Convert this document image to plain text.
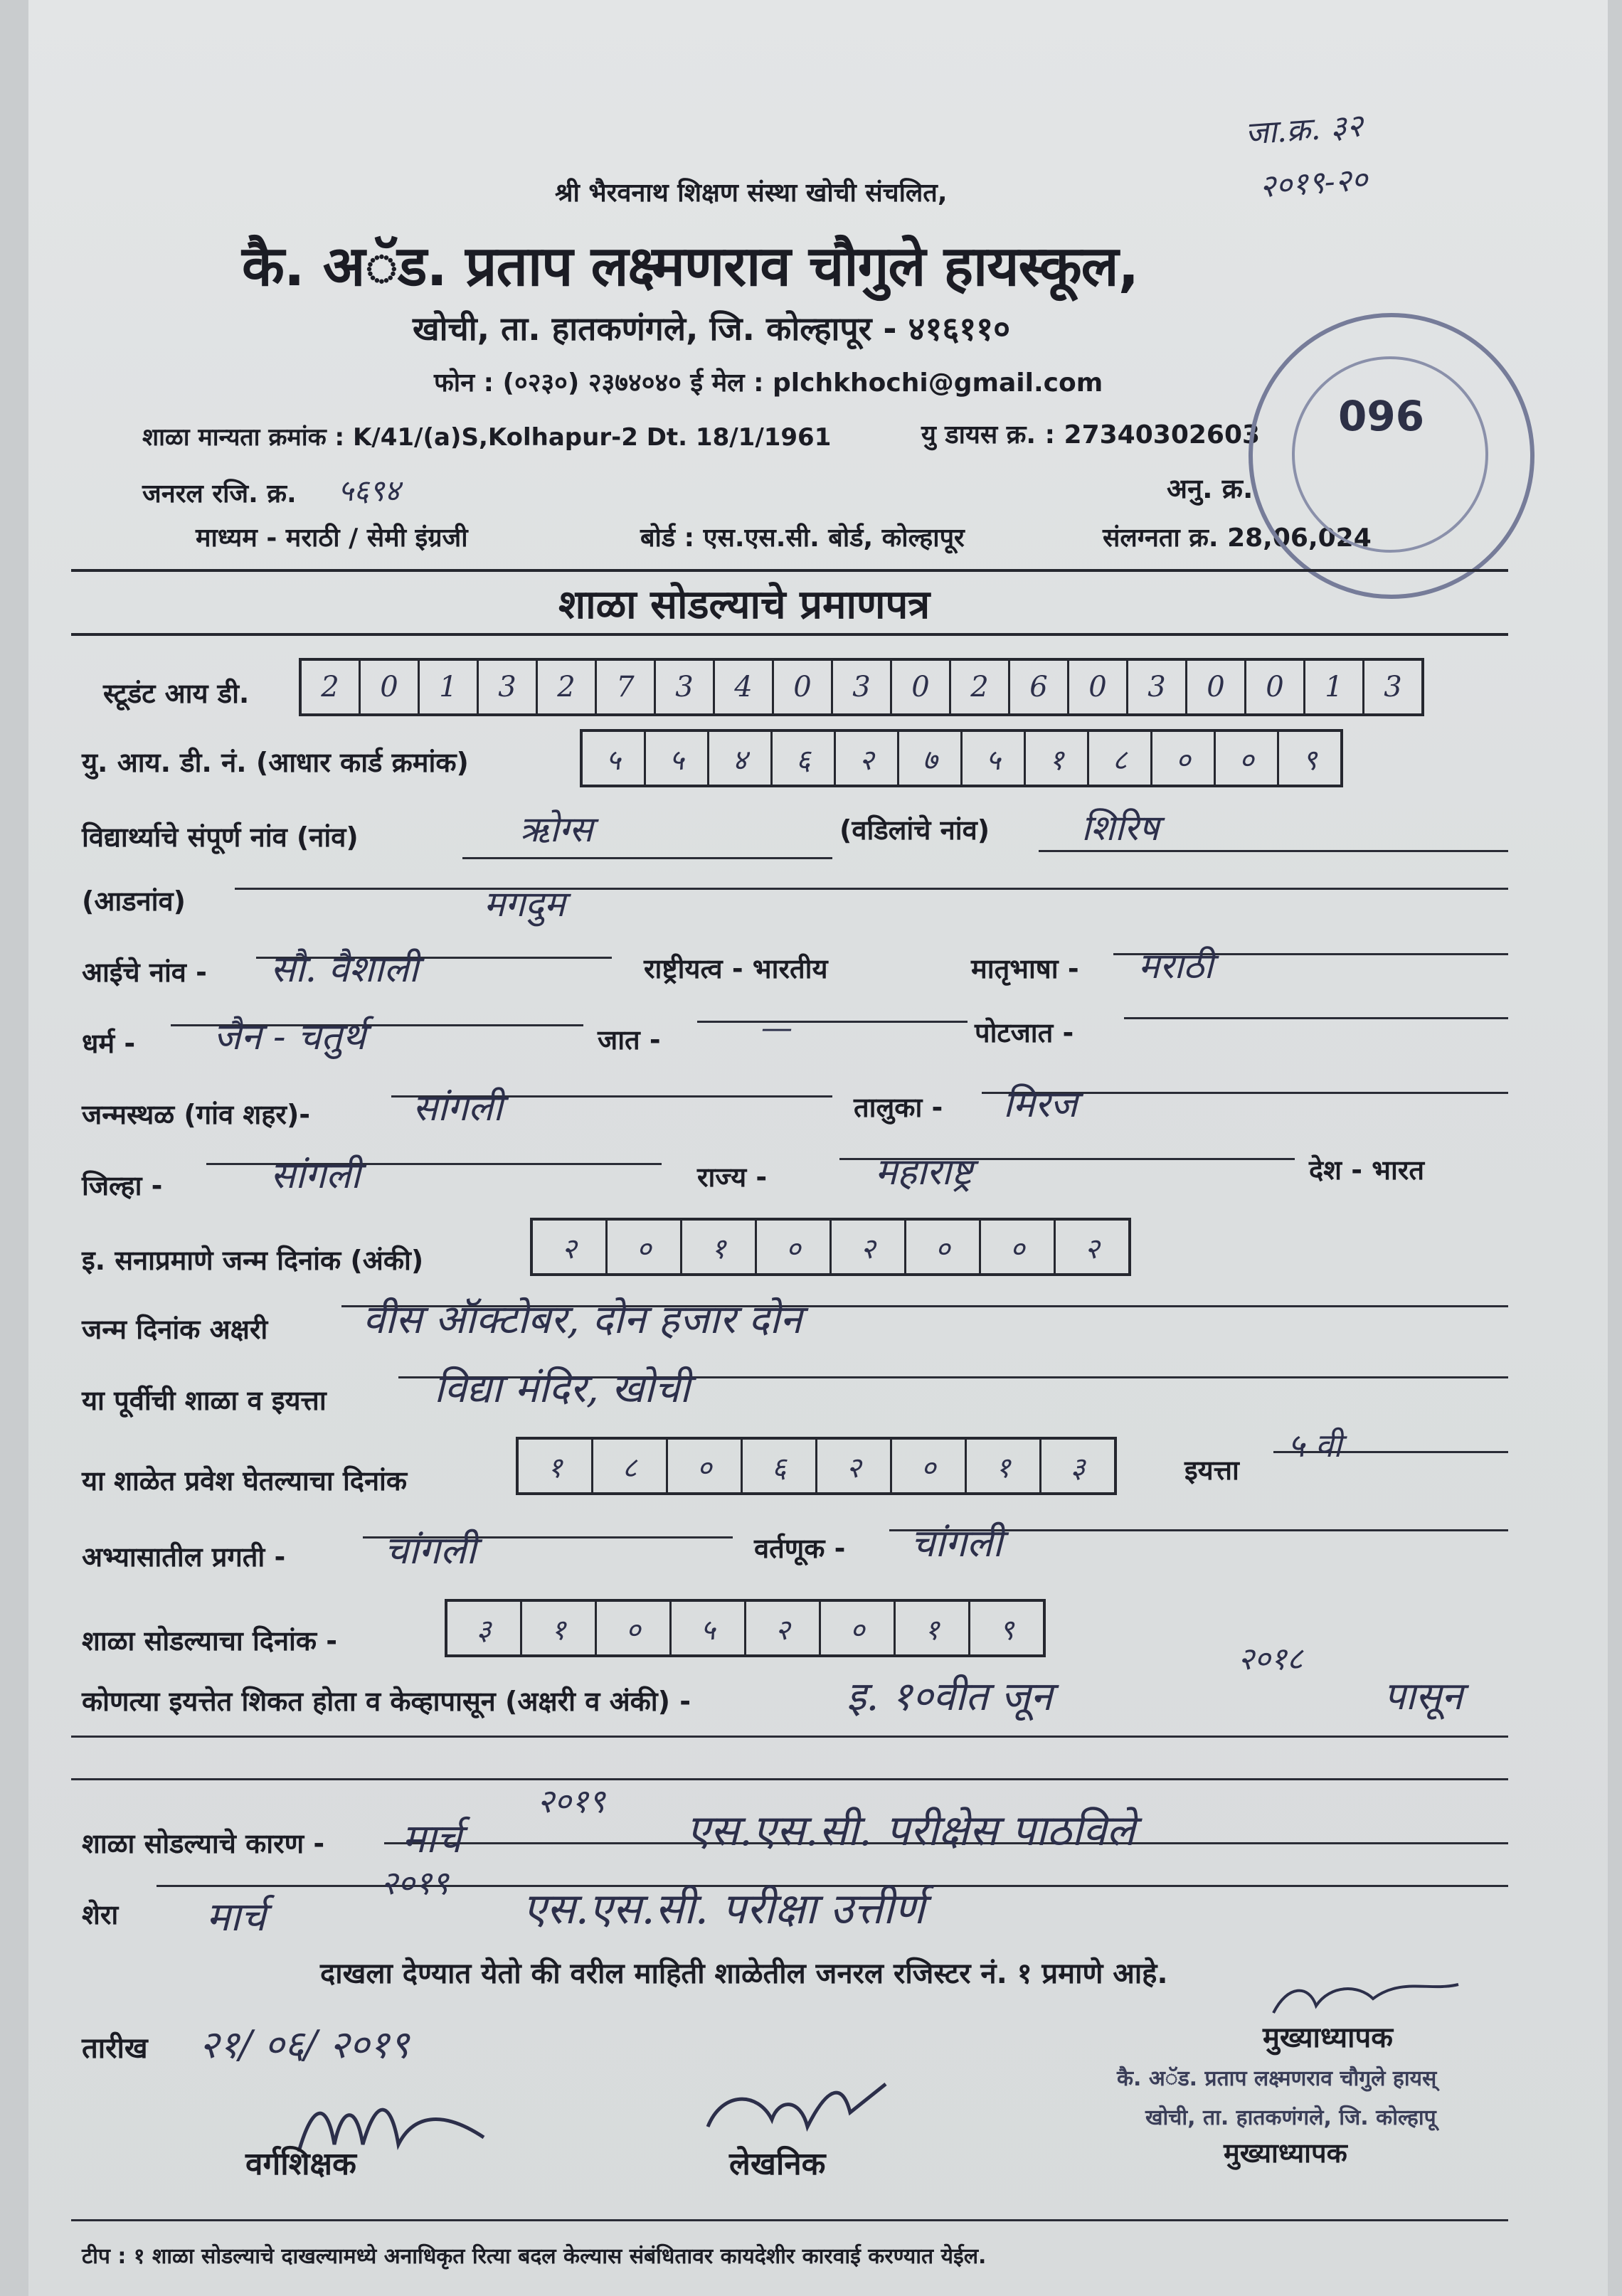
जा.क्र. ३२
२०१९-२०
श्री भैरवनाथ शिक्षण संस्था खोची संचलित,
कै. अॅड. प्रताप लक्ष्मणराव चौगुले हायस्कूल,
खोची, ता. हातकणंगले, जि. कोल्हापूर - ४१६११०
फोन : (०२३०) २३७४०४० ई मेल : plchkhochi@gmail.com
शाळा मान्यता क्रमांक : K/41/(a)S,Kolhapur-2 Dt. 18/1/1961	यु डायस क्र. : 27340302603
जनरल रजि. क्र. ५६९४	अनु. क्र.
माध्यम - मराठी / सेमी इंग्रजी	बोर्ड : एस.एस.सी. बोर्ड, कोल्हापूर	संलग्नता क्र. 28,06,024
096
शाळा सोडल्याचे प्रमाणपत्र
स्टूडंट आय डी.	2	0	1	3	2	7	3	4	0	3	0	2	6	0	3	0	0	1	3
यु. आय. डी. नं. (आधार कार्ड क्रमांक)	५	५	४	६	२	७	५	१	८	०	०	९
विद्यार्थ्याचे संपूर्ण नांव (नांव)	ऋोग्स	(वडिलांचे नांव)	शिरिष
(आडनांव)	मगदुम
आईचे नांव - सौ. वैशाली	राष्ट्रीयत्व - भारतीय	मातृभाषा - मराठी
धर्म - जैन - चतुर्थ	जात -	—	पोटजात -
जन्मस्थळ (गांव शहर)-	सांगली	तालुका - मिरज
जिल्हा -	सांगली	राज्य -	महाराष्ट्र	देश - भारत
इ. सनाप्रमाणे जन्म दिनांक (अंकी)	२	०	१	०	२	०	०	२
जन्म दिनांक अक्षरी वीस ऑक्टोबर, दोन हजार दोन
या पूर्वीची शाळा व इयत्ता	विद्या मंदिर, खोची
या शाळेत प्रवेश घेतल्याचा दिनांक	१	८	०	६	२	०	१	३	इयत्ता
५ वी
अभ्यासातील प्रगती -	चांगली	वर्तणूक - चांगली
शाळा सोडल्याचा दिनांक -	३	१	०	५	२	०	१	९
कोणत्या इयत्तेत शिकत होता व केव्हापासून (अक्षरी व अंकी) -	इ. १०वीत जून
२०१८
पासून
शाळा सोडल्याचे कारण - मार्च
२०१९
एस.एस.सी. परीक्षेस पाठविले
शेरा मार्च
२०१९
एस.एस.सी. परीक्षा उत्तीर्ण
दाखला देण्यात येतो की वरील माहिती शाळेतील जनरल रजिस्टर नं. १ प्रमाणे आहे.
तारीख २१/ ०६/ २०१९
वर्गशिक्षक	लेखनिक
मुख्याध्यापक
कै. अॅड. प्रताप लक्ष्मणराव चौगुले हायस्
खोची, ता. हातकणंगले, जि. कोल्हापू
मुख्याध्यापक
टीप : १ शाळा सोडल्याचे दाखल्यामध्ये अनाधिकृत रित्या बदल केल्यास संबंधितावर कायदेशीर कारवाई करण्यात येईल.
